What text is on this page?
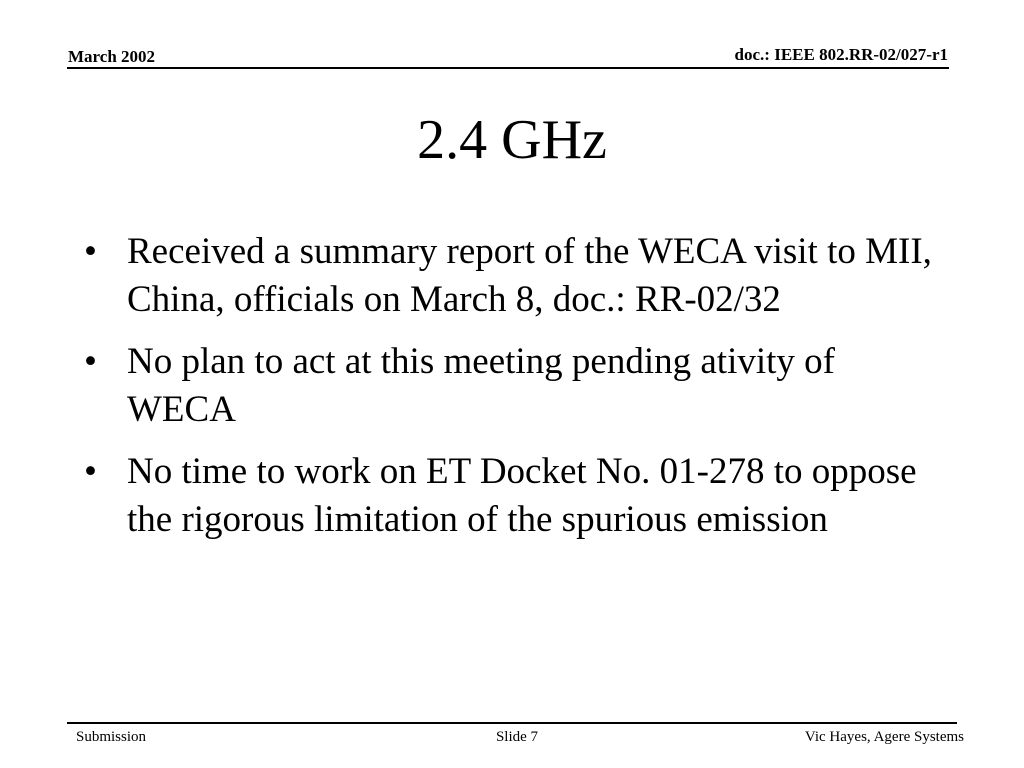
March 2002	doc.: IEEE 802.RR-02/027-r1
2.4 GHz
• Received a summary report of the WECA visit to MII, China, officials on March 8, doc.: RR-02/32
• No plan to act at this meeting pending ativity of WECA
• No time to work on ET Docket No. 01-278 to oppose the rigorous limitation of the spurious emission
Submission	Slide 7	Vic Hayes, Agere Systems
